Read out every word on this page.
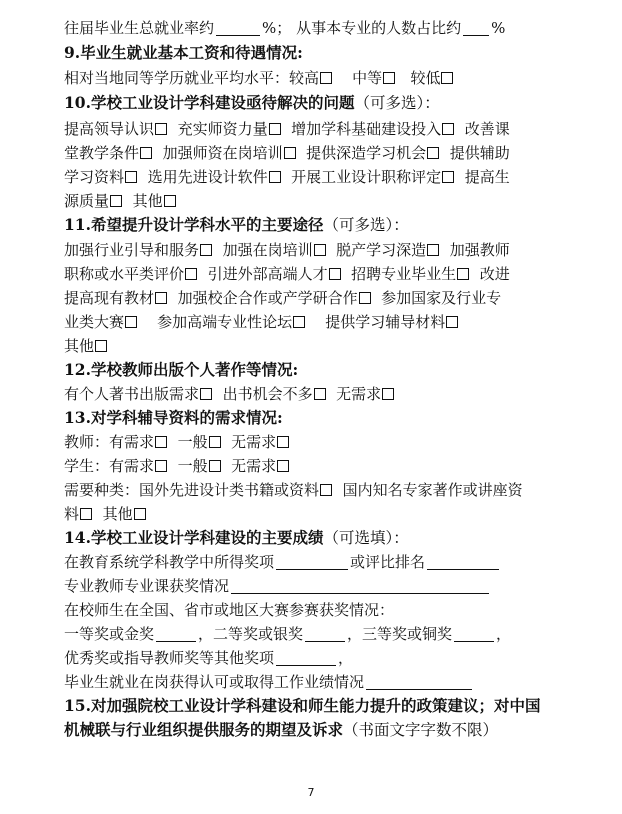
往届毕业生总就业率约	%； 从事本专业的人数占比约 %
9.毕业生就业基本工资和待遇情况:
相对当地同等学历就业平均水平：较高 中等 较低
10.学校工业设计学科建设亟待解决的问题（可多选）：
提高领导认识 充实师资力量 增加学科基础建设投入 改善课
堂教学条件 加强师资在岗培训 提供深造学习机会 提供辅助
学习资料 选用先进设计软件 开展工业设计职称评定 提高生
源质量 其他
11.希望提升设计学科水平的主要途径（可多选）：
加强行业引导和服务 加强在岗培训 脱产学习深造 加强教师
职称或水平类评价 引进外部高端人才 招聘专业毕业生 改进
提高现有教材 加强校企合作或产学研合作 参加国家及行业专
业类大赛 参加高端专业性论坛 提供学习辅导材料
其他
12.学校教师出版个人著作等情况:
有个人著书出版需求 出书机会不多 无需求
13.对学科辅导资料的需求情况:
教师：有需求 一般 无需求
学生：有需求 一般 无需求
需要种类：国外先进设计类书籍或资料 国内知名专家著作或讲座资
料 其他
14.学校工业设计学科建设的主要成绩（可选填）：
在教育系统学科教学中所得奖项	或评比排名
专业教师专业课获奖情况
在校师生在全国、省市或地区大赛参赛获奖情况：
一等奖或金奖	，二等奖或银奖	，三等奖或铜奖	，
优秀奖或指导教师奖等其他奖项	，
毕业生就业在岗获得认可或取得工作业绩情况
15.对加强院校工业设计学科建设和师生能力提升的政策建议；对中国
机械联与行业组织提供服务的期望及诉求（书面文字字数不限）
7
